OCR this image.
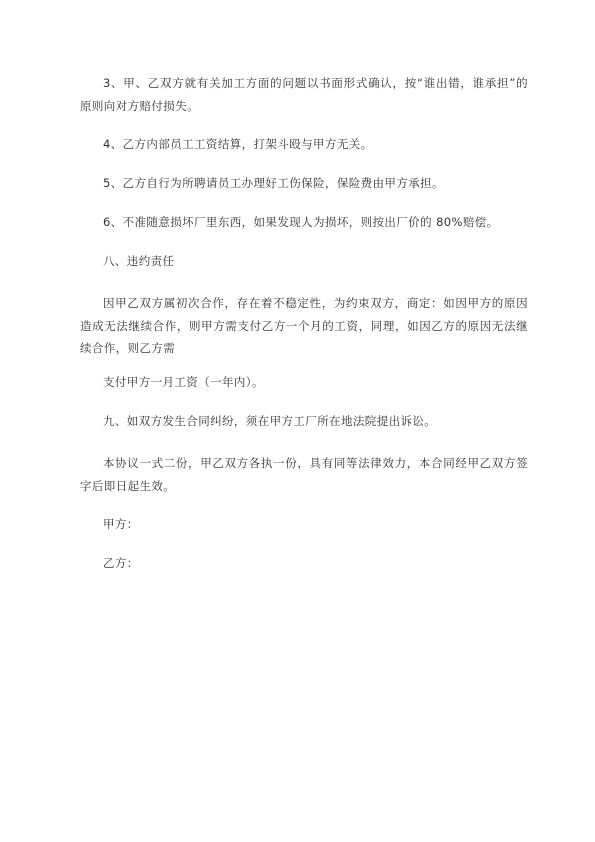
3、甲、乙双方就有关加工方面的问题以书面形式确认，按“谁出错，谁承担”的原则向对方赔付损失。

4、乙方内部员工工资结算，打架斗殴与甲方无关。

5、乙方自行为所聘请员工办理好工伤保险，保险费由甲方承担。

6、不准随意损坏厂里东西，如果发现人为损坏，则按出厂价的 80%赔偿。

八、违约责任

因甲乙双方属初次合作，存在着不稳定性，为约束双方，商定：如因甲方的原因造成无法继续合作，则甲方需支付乙方一个月的工资，同理，如因乙方的原因无法继续合作，则乙方需

支付甲方一月工资（一年内）。

九、如双方发生合同纠纷，须在甲方工厂所在地法院提出诉讼。

本协议一式二份，甲乙双方各执一份，具有同等法律效力，本合同经甲乙双方签字后即日起生效。

甲方：

乙方：
